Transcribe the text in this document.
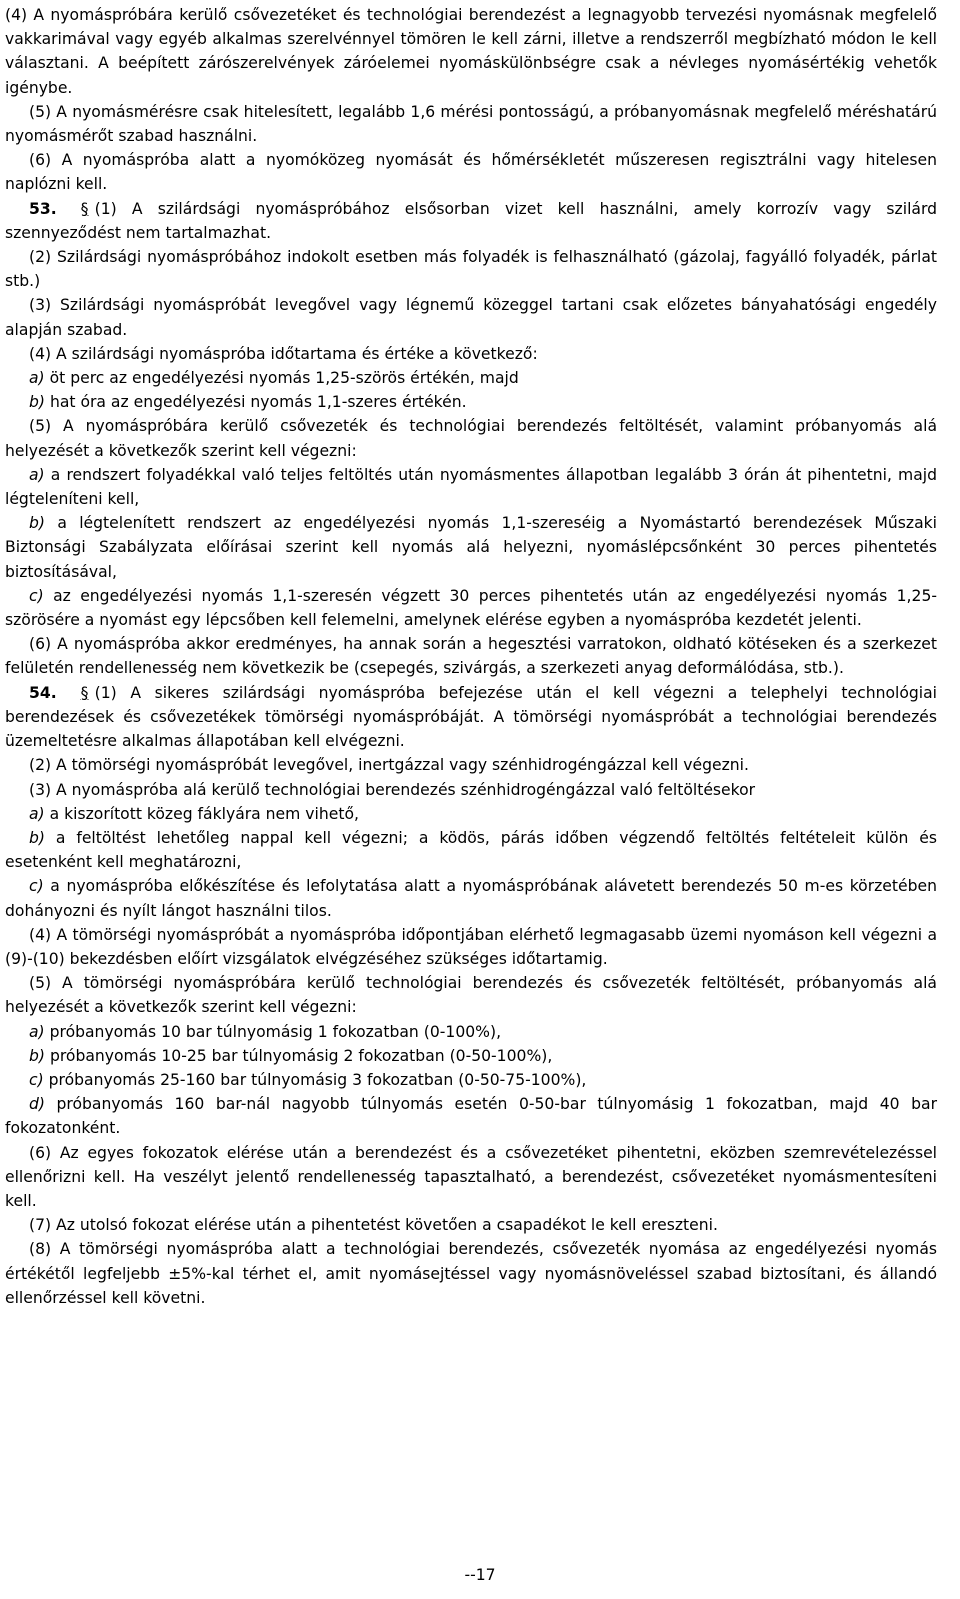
(4) A nyomáspróbára kerülő csővezetéket és technológiai berendezést a legnagyobb tervezési nyomásnak megfelelő vakkarimával vagy egyéb alkalmas szerelvénnyel tömören le kell zárni, illetve a rendszerről megbízható módon le kell választani. A beépített zárószerelvények záróelemei nyomáskülönbségre csak a névleges nyomásértékig vehetők igénybe.

(5) A nyomásmérésre csak hitelesített, legalább 1,6 mérési pontosságú, a próbanyomásnak megfelelő méréshatárú nyomásmérőt szabad használni.

(6) A nyomáspróba alatt a nyomóközeg nyomását és hőmérsékletét műszeresen regisztrálni vagy hitelesen naplózni kell.

53. § (1) A szilárdsági nyomáspróbához elsősorban vizet kell használni, amely korrozív vagy szilárd szennyeződést nem tartalmazhat.

(2) Szilárdsági nyomáspróbához indokolt esetben más folyadék is felhasználható (gázolaj, fagyálló folyadék, párlat stb.)

(3) Szilárdsági nyomáspróbát levegővel vagy légnemű közeggel tartani csak előzetes bányahatósági engedély alapján szabad.

(4) A szilárdsági nyomáspróba időtartama és értéke a következő:

a) öt perc az engedélyezési nyomás 1,25-szörös értékén, majd

b) hat óra az engedélyezési nyomás 1,1-szeres értékén.

(5) A nyomáspróbára kerülő csővezeték és technológiai berendezés feltöltését, valamint próbanyomás alá helyezését a következők szerint kell végezni:

a) a rendszert folyadékkal való teljes feltöltés után nyomásmentes állapotban legalább 3 órán át pihentetni, majd légteleníteni kell,

b) a légtelenített rendszert az engedélyezési nyomás 1,1-szereséig a Nyomástartó berendezések Műszaki Biztonsági Szabályzata előírásai szerint kell nyomás alá helyezni, nyomáslépcsőnként 30 perces pihentetés biztosításával,

c) az engedélyezési nyomás 1,1-szeresén végzett 30 perces pihentetés után az engedélyezési nyomás 1,25-szörösére a nyomást egy lépcsőben kell felemelni, amelynek elérése egyben a nyomáspróba kezdetét jelenti.

(6) A nyomáspróba akkor eredményes, ha annak során a hegesztési varratokon, oldható kötéseken és a szerkezet felületén rendellenesség nem következik be (csepegés, szivárgás, a szerkezeti anyag deformálódása, stb.).

54. § (1) A sikeres szilárdsági nyomáspróba befejezése után el kell végezni a telephelyi technológiai berendezések és csővezetékek tömörségi nyomáspróbáját. A tömörségi nyomáspróbát a technológiai berendezés üzemeltetésre alkalmas állapotában kell elvégezni.

(2) A tömörségi nyomáspróbát levegővel, inertgázzal vagy szénhidrogéngázzal kell végezni.

(3) A nyomáspróba alá kerülő technológiai berendezés szénhidrogéngázzal való feltöltésekor

a) a kiszorított közeg fáklyára nem vihető,

b) a feltöltést lehetőleg nappal kell végezni; a ködös, párás időben végzendő feltöltés feltételeit külön és esetenként kell meghatározni,

c) a nyomáspróba előkészítése és lefolytatása alatt a nyomáspróbának alávetett berendezés 50 m-es körzetében dohányozni és nyílt lángot használni tilos.

(4) A tömörségi nyomáspróbát a nyomáspróba időpontjában elérhető legmagasabb üzemi nyomáson kell végezni a (9)-(10) bekezdésben előírt vizsgálatok elvégzéséhez szükséges időtartamig.

(5) A tömörségi nyomáspróbára kerülő technológiai berendezés és csővezeték feltöltését, próbanyomás alá helyezését a következők szerint kell végezni:

a) próbanyomás 10 bar túlnyomásig 1 fokozatban (0-100%),

b) próbanyomás 10-25 bar túlnyomásig 2 fokozatban (0-50-100%),

c) próbanyomás 25-160 bar túlnyomásig 3 fokozatban (0-50-75-100%),

d) próbanyomás 160 bar-nál nagyobb túlnyomás esetén 0-50-bar túlnyomásig 1 fokozatban, majd 40 bar fokozatonként.

(6) Az egyes fokozatok elérése után a berendezést és a csővezetéket pihentetni, eközben szemrevételezéssel ellenőrizni kell. Ha veszélyt jelentő rendellenesség tapasztalható, a berendezést, csővezetéket nyomásmentesíteni kell.

(7) Az utolsó fokozat elérése után a pihentetést követően a csapadékot le kell ereszteni.

(8) A tömörségi nyomáspróba alatt a technológiai berendezés, csővezeték nyomása az engedélyezési nyomás értékétől legfeljebb ±5%-kal térhet el, amit nyomásejtéssel vagy nyomásnöveléssel szabad biztosítani, és állandó ellenőrzéssel kell követni.

--17
